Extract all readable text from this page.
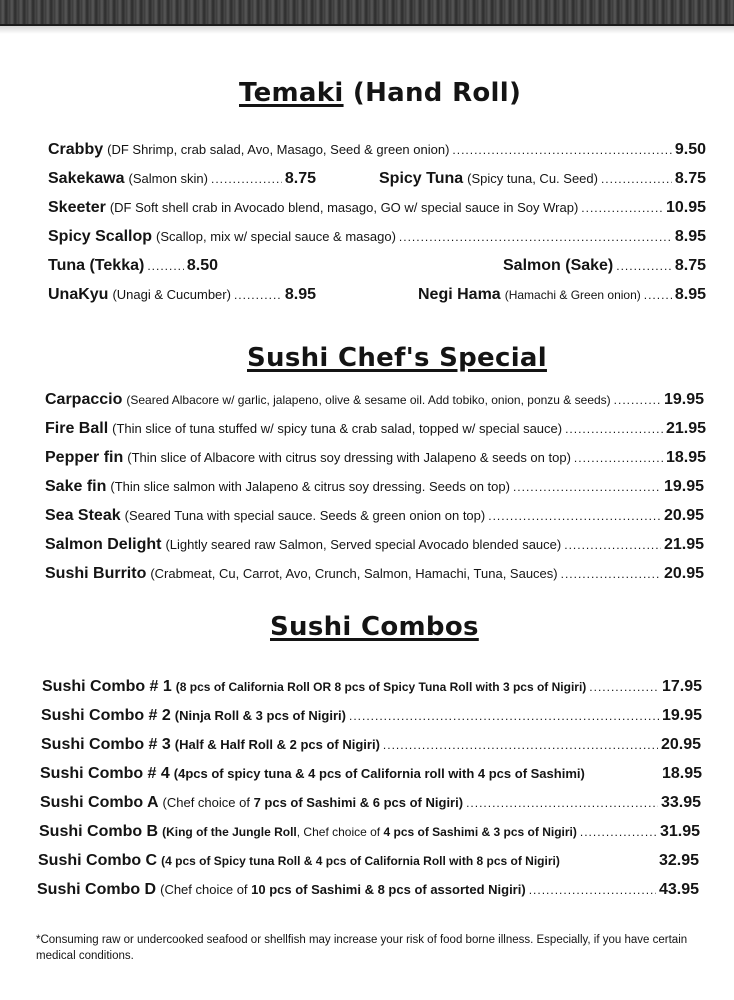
Temaki (Hand Roll)
Crabby (DF Shrimp, crab salad, Avo, Masago, Seed & green onion) .....	9.50
Sakekawa (Salmon skin) .....	8.75	Spicy Tuna (Spicy tuna, Cu. Seed) .....	8.75
Skeeter (DF Soft shell crab in Avocado blend, masago, GO w/ special sauce in Soy Wrap) .....	10.95
Spicy Scallop (Scallop, mix w/ special sauce & masago) .....	8.95
Tuna (Tekka) .....	8.50	Salmon (Sake) .....	8.75
UnaKyu (Unagi & Cucumber) .....	8.95	Negi Hama (Hamachi & Green onion) ..... 8.95
Sushi Chef's Special
Carpaccio (Seared Albacore w/ garlic, jalapeno, olive & sesame oil. Add tobiko, onion, ponzu & seeds) .....	19.95
Fire Ball (Thin slice of tuna stuffed w/ spicy tuna & crab salad, topped w/ special sauce) .....	21.95
Pepper fin (Thin slice of Albacore with citrus soy dressing with Jalapeno & seeds on top) .....	18.95
Sake fin (Thin slice salmon with Jalapeno & citrus soy dressing. Seeds on top) .....	19.95
Sea Steak (Seared Tuna with special sauce. Seeds & green onion on top) .....	20.95
Salmon Delight (Lightly seared raw Salmon, Served special Avocado blended sauce) .....	21.95
Sushi Burrito (Crabmeat, Cu, Carrot, Avo, Crunch, Salmon, Hamachi, Tuna, Sauces) .....	20.95
Sushi Combos
Sushi Combo # 1 (8 pcs of California Roll OR 8 pcs of Spicy Tuna Roll with 3 pcs of Nigiri) .....	17.95
Sushi Combo # 2 (Ninja Roll & 3 pcs of Nigiri) .....	19.95
Sushi Combo # 3 (Half & Half Roll & 2 pcs of Nigiri) .....	20.95
Sushi Combo # 4 (4pcs of spicy tuna & 4 pcs of California roll with 4 pcs of Sashimi)	18.95
Sushi Combo A (Chef choice of 7 pcs of Sashimi & 6 pcs of Nigiri) .....	33.95
Sushi Combo B (King of the Jungle Roll, Chef choice of 4 pcs of Sashimi & 3 pcs of Nigiri) .....	31.95
Sushi Combo C (4 pcs of Spicy tuna Roll & 4 pcs of California Roll with 8 pcs of Nigiri)	32.95
Sushi Combo D (Chef choice of 10 pcs of Sashimi & 8 pcs of assorted Nigiri) .....	43.95

*Consuming raw or undercooked seafood or shellfish may increase your risk of food borne illness. Especially, if you have certain medical conditions.
